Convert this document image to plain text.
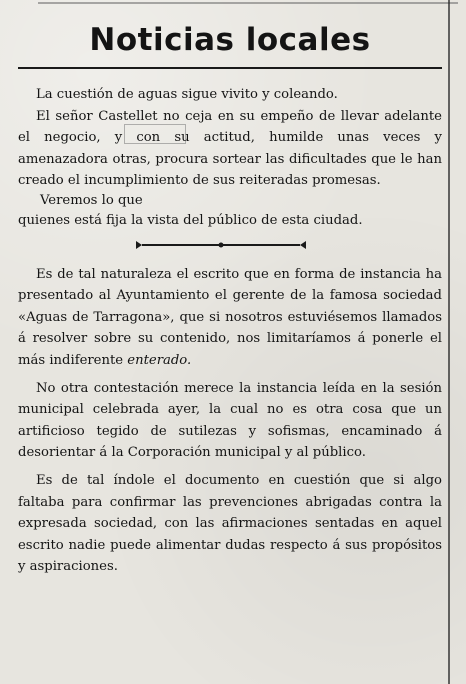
Noticias locales

La cuestión de aguas sigue vivito y coleando.

El señor Castellet no ceja en su empeño de llevar adelante el negocio, y con su actitud, humilde unas veces y amenazadora otras, procura sortear las dificultades que le han creado el incumplimiento de sus reiteradas promesas.

Veremos lo que

quienes está fija la vista del público de esta ciudad.

Es de tal naturaleza el escrito que en forma de instancia ha presentado al Ayuntamiento el gerente de la famosa sociedad «Aguas de Tarragona», que si nosotros estuviésemos llamados á resolver sobre su contenido, nos limitaríamos á ponerle el más indiferente enterado.

No otra contestación merece la instancia leída en la sesión municipal celebrada ayer, la cual no es otra cosa que un artificioso tegido de sutilezas y sofismas, encaminado á desorientar á la Corporación municipal y al público.

Es de tal índole el documento en cuestión que si algo faltaba para confirmar las prevenciones abrigadas contra la expresada sociedad, con las afirmaciones sentadas en aquel escrito nadie puede alimentar dudas respecto á sus propósitos y aspiraciones.
